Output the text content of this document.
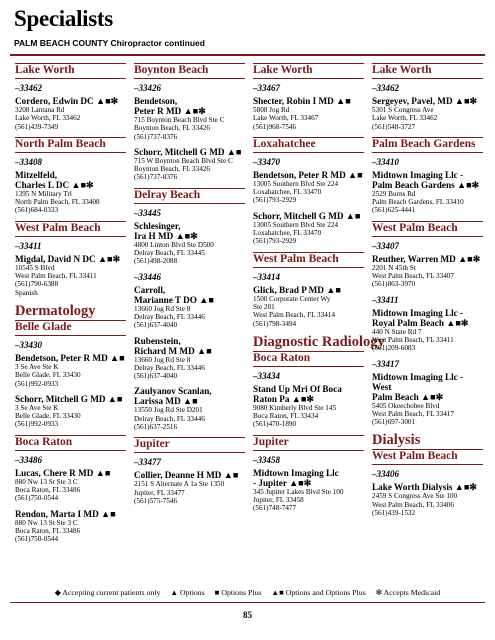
Specialists
PALM BEACH COUNTY Chiropractor continued
Lake Worth
–33462
Cordero, Edwin DC ▲■✻
3208 Lantana Rd
Lake Worth, FL 33462
(561)439-7349
North Palm Beach
–33408
Mitzelfeld,
Charles L DC ▲■✻
1395 N Military Trl
North Palm Beach, FL 33408
(561)684-0333
West Palm Beach
–33411
Migdal, David N DC ▲■✻
10545 S Blvd
West Palm Beach, FL 33411
(561)790-6388
Spanish
Dermatology
Belle Glade
–33430
Bendetson, Peter R MD ▲■
3 Se Ave Ste K
Belle Glade, FL 33430
(561)992-0933
Schorr, Mitchell G MD ▲■
3 Se Ave Ste K
Belle Glade, FL 33430
(561)992-0933
Boca Raton
–33486
Lucas, Chere R MD ▲■
880 Nw 13 St Ste 3 C
Boca Raton, FL 33486
(561)750-0544
Rendon, Marta I MD ▲■
880 Nw 13 St Ste 3 C
Boca Raton, FL 33486
(561)750-0544
Boynton Beach
–33426
Bendetson,
Peter R MD ▲■✻
715 Boynton Beach Blvd Ste C
Boynton Beach, FL 33426
(561)737-8376
Schorr, Mitchell G MD ▲■
715 W Boynton Beach Blvd Ste C
Boynton Beach, FL 33426
(561)737-8376
Delray Beach
–33445
Schlesinger,
Ira H MD ▲■✻
4800 Linton Blvd Ste D500
Delray Beach, FL 33445
(561)498-2088
–33446
Carroll,
Marianne T DO ▲■
13660 Jog Rd Ste 8
Delray Beach, FL 33446
(561)637-4040
Rubenstein,
Richard M MD ▲■
13660 Jog Rd Ste 8
Delray Beach, FL 33446
(561)637-4040
Zaulyanov Scanlan,
Larissa MD ▲■
13550 Jog Rd Ste D201
Delray Beach, FL 33446
(561)637-2516
Jupiter
–33477
Collier, Deanne H MD ▲■
2151 S Alternate A 1a Ste 1350
Jupiter, FL 33477
(561)575-7546
Lake Worth
–33467
Shecter, Robin I MD ▲■
5808 Jog Rd
Lake Worth, FL 33467
(561)968-7546
Loxahatchee
–33470
Bendetson, Peter R MD ▲■
13005 Southern Blvd Ste 224
Loxahatchee, FL 33470
(561)793-2929
Schorr, Mitchell G MD ▲■
13005 Southern Blvd Ste 224
Loxahatchee, FL 33470
(561)793-2929
West Palm Beach
–33414
Glick, Brad P MD ▲■
1500 Corporate Center Wy
Ste 201
West Palm Beach, FL 33414
(561)798-3494
Diagnostic Radiology
Boca Raton
–33434
Stand Up Mri Of Boca
Raton Pa ▲■✻
9080 Kimberly Blvd Ste 145
Boca Raton, FL 33434
(561)470-1890
Jupiter
–33458
Midtown Imaging Llc
- Jupiter ▲■✻
345 Jupiter Lakes Blvd Ste 100
Jupiter, FL 33458
(561)748-7477
Lake Worth
–33462
Sergeyev, Pavel, MD ▲■✻
5301 S Congress Ave
Lake Worth, FL 33462
(561)548-3727
Palm Beach Gardens
–33410
Midtown Imaging Llc -
Palm Beach Gardens ▲■✻
2529 Burns Rd
Palm Beach Gardens, FL 33410
(561)625-4441
West Palm Beach
–33407
Reuther, Warren MD ▲■✻
2201 N 45th St
West Palm Beach, FL 33407
(561)863-3970
–33411
Midtown Imaging Llc -
Royal Palm Beach ▲■✻
440 N State Rd 7
West Palm Beach, FL 33411
(561)209-6083
–33417
Midtown Imaging Llc - West
Palm Beach ▲■✻
5405 Okeechobee Blvd
West Palm Beach, FL 33417
(561)697-3001
Dialysis
West Palm Beach
–33406
Lake Worth Dialysis ▲■✻
2459 S Congress Ave Ste 100
West Palm Beach, FL 33406
(561)439-1532
◆ Accepting current patients only ▲ Options ■ Options Plus ▲■ Options and Options Plus ✻ Accepts Medicaid
85
